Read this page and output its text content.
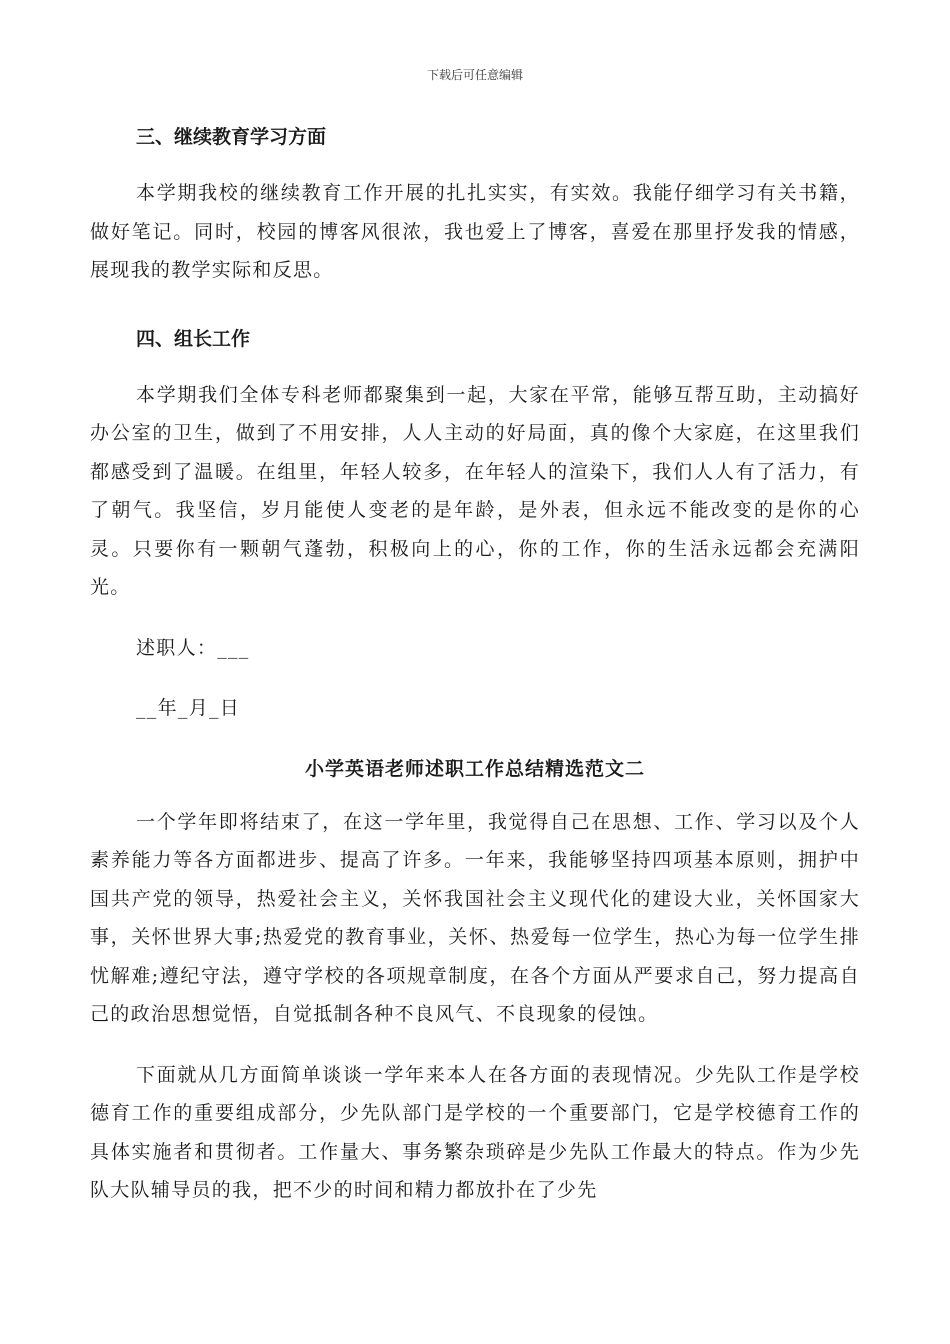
下载后可任意编辑

三、继续教育学习方面

本学期我校的继续教育工作开展的扎扎实实，有实效。我能仔细学习有关书籍，做好笔记。同时，校园的博客风很浓，我也爱上了博客，喜爱在那里抒发我的情感，展现我的教学实际和反思。

四、组长工作

本学期我们全体专科老师都聚集到一起，大家在平常，能够互帮互助，主动搞好办公室的卫生，做到了不用安排，人人主动的好局面，真的像个大家庭，在这里我们都感受到了温暖。在组里，年轻人较多，在年轻人的渲染下，我们人人有了活力，有了朝气。我坚信，岁月能使人变老的是年龄，是外表，但永远不能改变的是你的心灵。只要你有一颗朝气蓬勃，积极向上的心，你的工作，你的生活永远都会充满阳光。

述职人：___

__年_月_日

小学英语老师述职工作总结精选范文二

一个学年即将结束了，在这一学年里，我觉得自己在思想、工作、学习以及个人素养能力等各方面都进步、提高了许多。一年来，我能够坚持四项基本原则，拥护中国共产党的领导，热爱社会主义，关怀我国社会主义现代化的建设大业，关怀国家大事，关怀世界大事;热爱党的教育事业，关怀、热爱每一位学生，热心为每一位学生排忧解难;遵纪守法，遵守学校的各项规章制度，在各个方面从严要求自己，努力提高自己的政治思想觉悟，自觉抵制各种不良风气、不良现象的侵蚀。

下面就从几方面简单谈谈一学年来本人在各方面的表现情况。少先队工作是学校德育工作的重要组成部分，少先队部门是学校的一个重要部门，它是学校德育工作的具体实施者和贯彻者。工作量大、事务繁杂琐碎是少先队工作最大的特点。作为少先队大队辅导员的我，把不少的时间和精力都放扑在了少先
